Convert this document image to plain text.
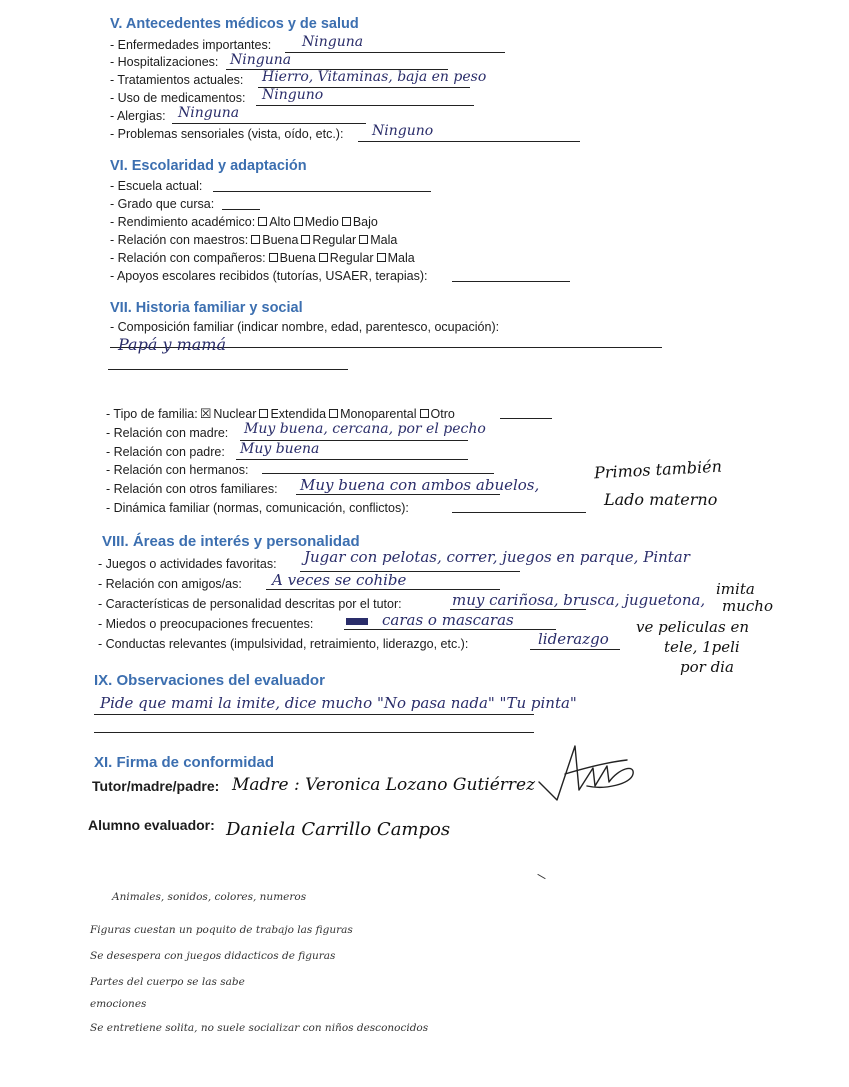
V. Antecedentes médicos y de salud
- Enfermedades importantes: Ninguna
- Hospitalizaciones: Ninguna
- Tratamientos actuales: Hierro, Vitaminas, baja en peso
- Uso de medicamentos: Ninguno
- Alergias: Ninguna
- Problemas sensoriales (vista, oído, etc.): Ninguno
VI. Escolaridad y adaptación
- Escuela actual:
- Grado que cursa:
- Rendimiento académico: Alto Medio Bajo
- Relación con maestros: Buena Regular Mala
- Relación con compañeros: Buena Regular Mala
- Apoyos escolares recibidos (tutorías, USAER, terapias):
VII. Historia familiar y social
- Composición familiar (indicar nombre, edad, parentesco, ocupación):
Papá y mamá
- Tipo de familia: ☒ Nuclear Extendida Monoparental Otro
- Relación con madre: Muy buena, cercana, por el pecho
- Relación con padre: Muy buena
- Relación con hermanos:	Primos también
- Relación con otros familiares: Muy buena con ambos abuelos,
- Dinámica familiar (normas, comunicación, conflictos):	Lado materno
VIII. Áreas de interés y personalidad
- Juegos o actividades favoritas: Jugar con pelotas, correr, juegos en parque, Pintar
- Relación con amigos/as: A veces se cohibe
- Características de personalidad descritas por el tutor:	muy cariñosa, brusca, juguetona,
- Miedos o preocupaciones frecuentes:	caras o mascaras
- Conductas relevantes (impulsividad, retraimiento, liderazgo, etc.):	liderazgo
imita
mucho
ve peliculas en
tele, 1peli
por dia
IX. Observaciones del evaluador
Pide que mami la imite, dice mucho "No pasa nada" "Tu pinta"
XI. Firma de conformidad
Tutor/madre/padre: Madre : Veronica Lozano Gutiérrez
Alumno evaluador: Daniela Carrillo Campos
Animales, sonidos, colores, numeros
Figuras cuestan un poquito de trabajo las figuras
Se desespera con juegos didacticos de figuras
Partes del cuerpo se las sabe
emociones
Se entretiene solita, no suele socializar con niños desconocidos
